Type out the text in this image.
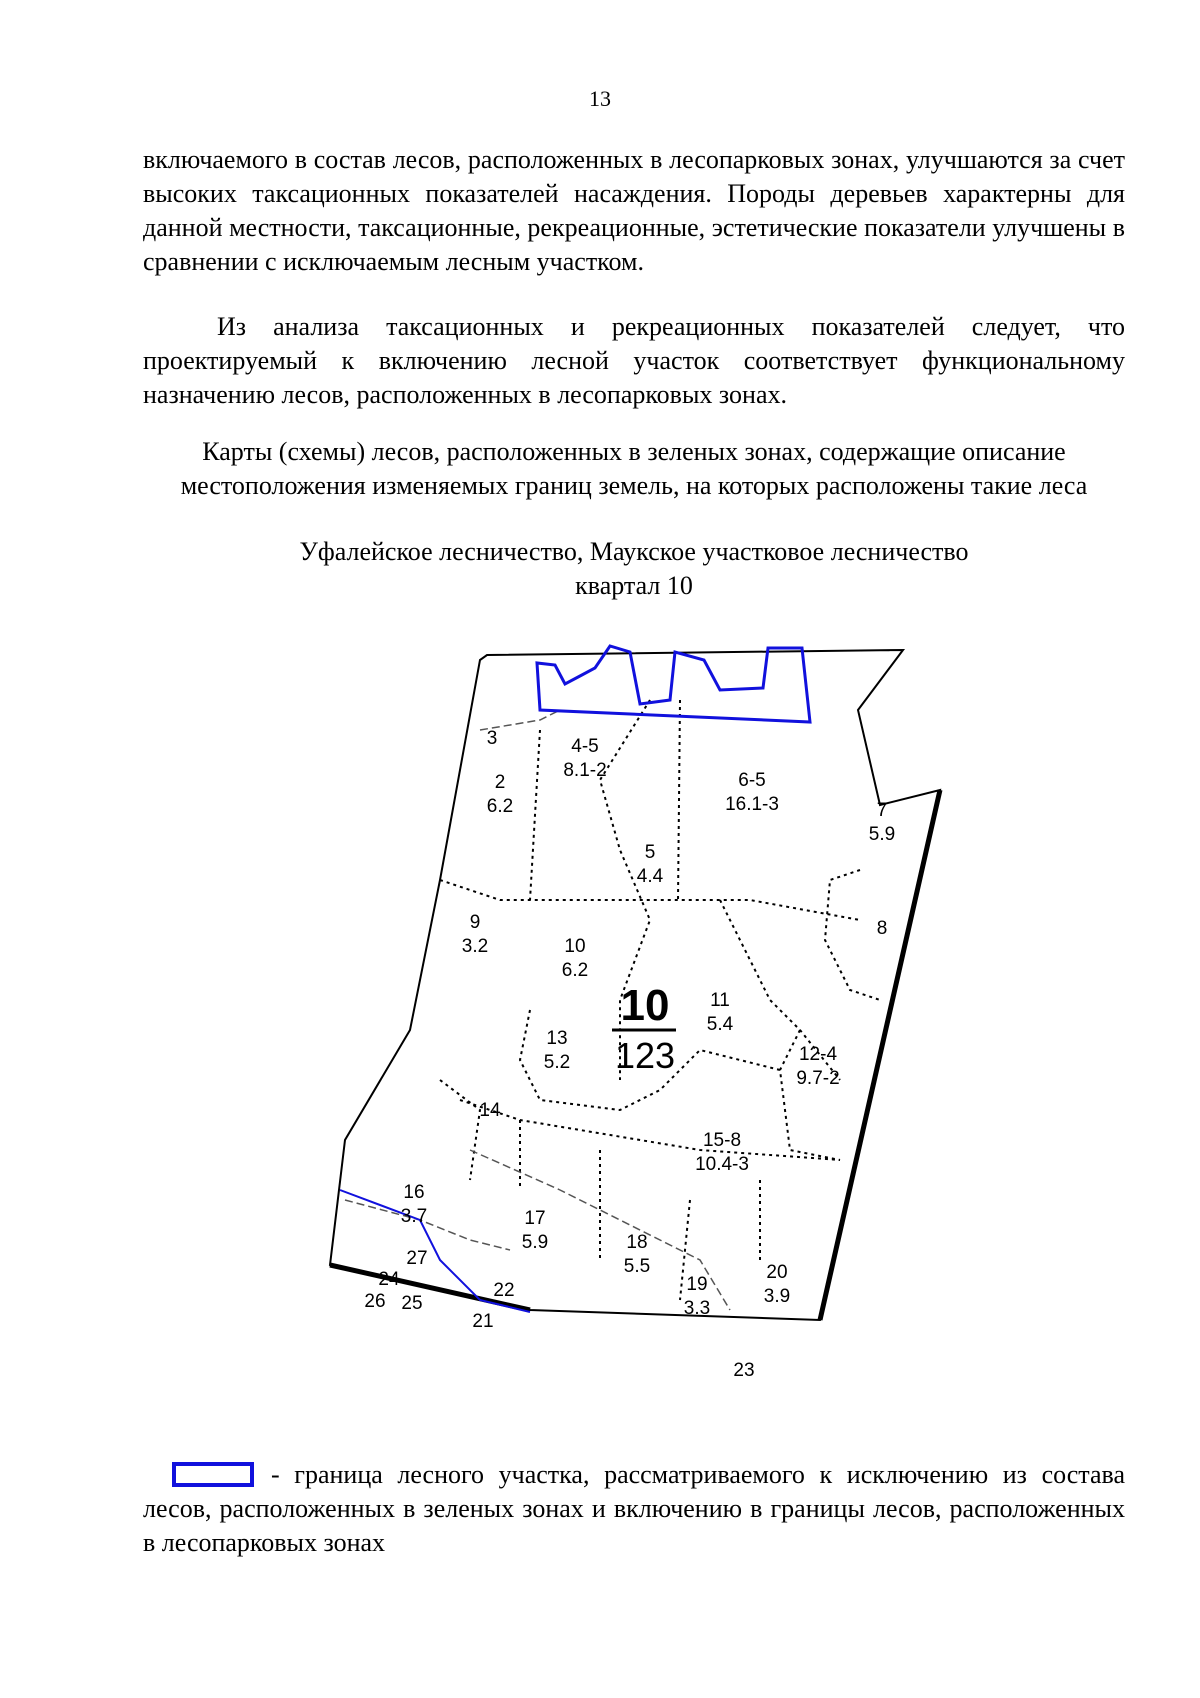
13

включаемого в состав лесов, расположенных в лесопарковых зонах, улучшаются за счет высоких таксационных показателей насаждения. Породы деревьев характерны для данной местности, таксационные, рекреационные, эстетические показатели улучшены в сравнении с исключаемым лесным участком.

Из анализа таксационных и рекреационных показателей следует, что проектируемый к включению лесной участок соответствует функциональному назначению лесов, расположенных в лесопарковых зонах.

Карты (схемы) лесов, расположенных в зеленых зонах, содержащие описание местоположения изменяемых границ земель, на которых расположены такие леса
Уфалейское лесничество, Маукское участковое лесничество
квартал 10
10
123
2
6.2
3	4-5
8.1-2
5
4.4
6-5
16.1-3	7
5.9
8
9
3.2	10
6.2
11
5.4
12-4
9.7-2
13
5.2
14
15-8
10.4-3
16
3.7	17
5.9	18
5.5
19
3.3
20
3.9
21
22
23
24
25
26
27

- граница лесного участка, рассматриваемого к исключению из состава лесов, расположенных в зеленых зонах и включению в границы лесов, расположенных в лесопарковых зонах
